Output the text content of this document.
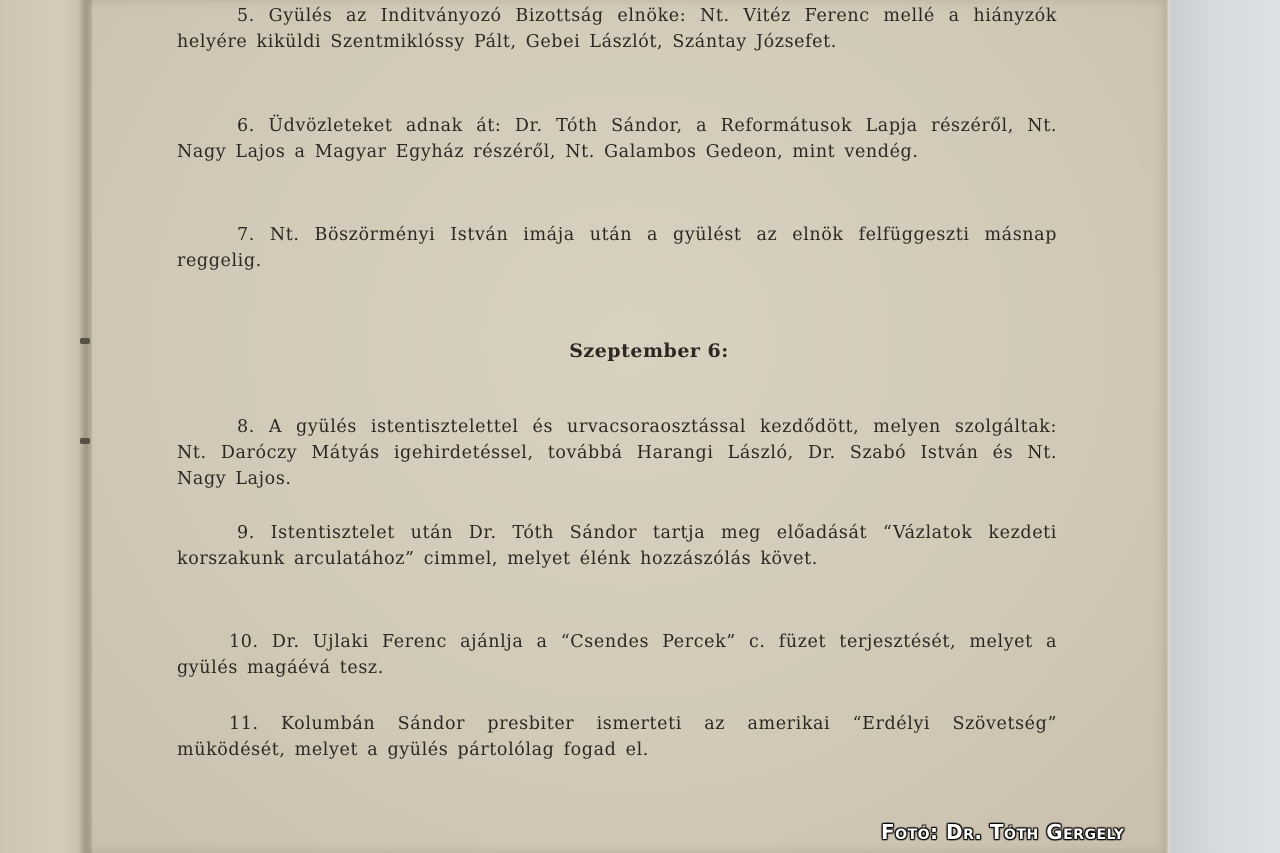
5. Gyülés az Inditványozó Bizottság elnöke: Nt. Vitéz Ferenc mellé a hiányzók helyére kiküldi Szentmiklóssy Pált, Gebei Lászlót, Szántay Józsefet.

6. Üdvözleteket adnak át: Dr. Tóth Sándor, a Reformátusok Lapja részéről, Nt. Nagy Lajos a Magyar Egyház részéről, Nt. Galambos Gedeon, mint vendég.

7. Nt. Böszörményi István imája után a gyülést az elnök felfüggeszti másnap reggelig.

Szeptember 6:

8. A gyülés istentisztelettel és urvacsoraosztással kezdődött, melyen szolgáltak: Nt. Daróczy Mátyás igehirdetéssel, továbbá Harangi László, Dr. Szabó István és Nt. Nagy Lajos.

9. Istentisztelet után Dr. Tóth Sándor tartja meg előadását “Vázlatok kezdeti korszakunk arculatához” cimmel, melyet élénk hozzászólás követ.

10. Dr. Ujlaki Ferenc ajánlja a “Csendes Percek” c. füzet terjesztését, melyet a gyülés magáévá tesz.

11. Kolumbán Sándor presbiter ismerteti az amerikai “Erdélyi Szövetség” müködését, melyet a gyülés pártolólag fogad el.

Fotó: Dr. Tóth Gergely
